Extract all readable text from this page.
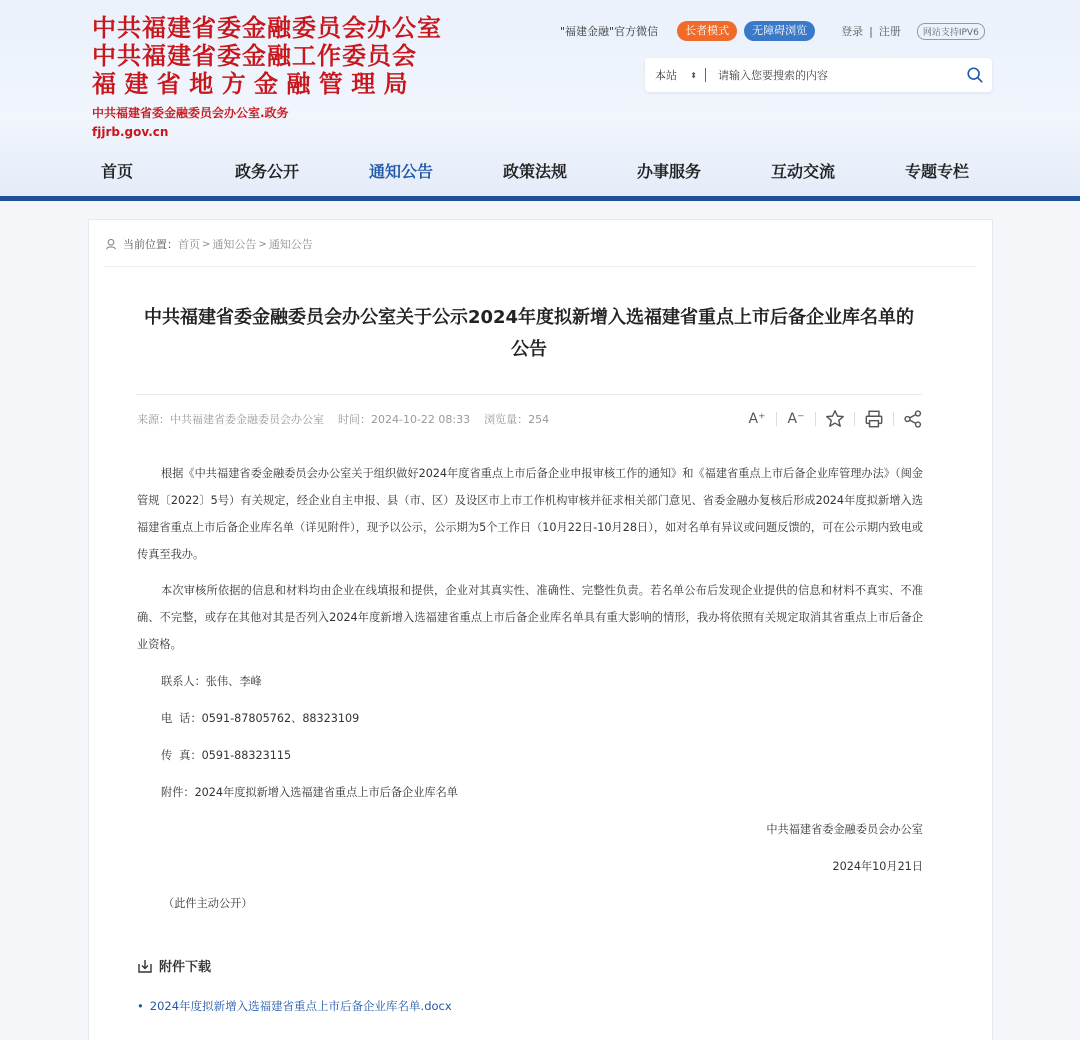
中共福建省委金融委员会办公室
中共福建省委金融工作委员会
福建省地方金融管理局
中共福建省委金融委员会办公室.政务
fjjrb.gov.cn
"福建金融"官方微信	长者模式	无障碍浏览	登录 | 注册	网站支持IPV6
本站 ⬍
请输入您要搜索的内容
首页	政务公开	通知公告	政策法规	办事服务	互动交流	专题专栏
当前位置： 首页 > 通知公告 > 通知公告
中共福建省委金融委员会办公室关于公示2024年度拟新增入选福建省重点上市后备企业库名单的公告
来源：中共福建省委金融委员会办公室 时间：2024-10-22 08:33 浏览量：254	A⁺ A⁻

根据《中共福建省委金融委员会办公室关于组织做好2024年度省重点上市后备企业申报审核工作的通知》和《福建省重点上市后备企业库管理办法》（闽金管规〔2022〕5号）有关规定，经企业自主申报、县（市、区）及设区市上市工作机构审核并征求相关部门意见、省委金融办复核后形成2024年度拟新增入选福建省重点上市后备企业库名单（详见附件），现予以公示，公示期为5个工作日（10月22日-10月28日），如对名单有异议或问题反馈的，可在公示期内致电或传真至我办。

本次审核所依据的信息和材料均由企业在线填报和提供，企业对其真实性、准确性、完整性负责。若名单公布后发现企业提供的信息和材料不真实、不准确、不完整，或存在其他对其是否列入2024年度新增入选福建省重点上市后备企业库名单具有重大影响的情形，我办将依照有关规定取消其省重点上市后备企业资格。

联系人：张伟、李峰

电  话：0591-87805762、88323109

传  真：0591-88323115

附件：2024年度拟新增入选福建省重点上市后备企业库名单

中共福建省委金融委员会办公室
2024年10月21日

（此件主动公开）

附件下载
• 2024年度拟新增入选福建省重点上市后备企业库名单.docx
